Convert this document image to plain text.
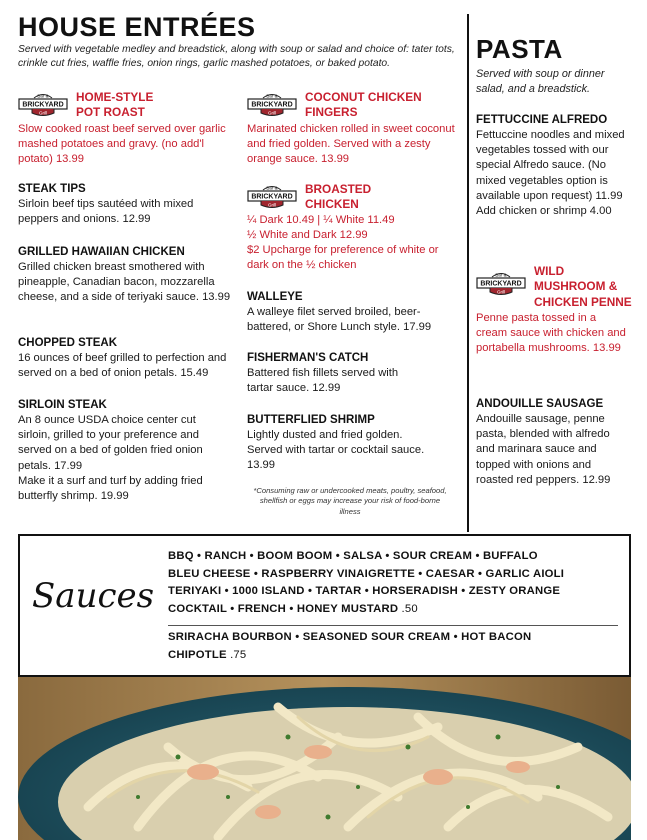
HOUSE ENTRÉES
Served with vegetable medley and breadstick, along with soup or salad and choice of: tater tots, crinkle cut fries, waffle fries, onion rings, garlic mashed potatoes, or baked potato.
Bar &
BRICKYARD
Grill
HOME-STYLE POT ROAST
Slow cooked roast beef served over garlic mashed potatoes and gravy. (no add'l potato) 13.99
STEAK TIPS
Sirloin beef tips sautéed with mixed peppers and onions. 12.99
GRILLED HAWAIIAN CHICKEN
Grilled chicken breast smothered with pineapple, Canadian bacon, mozzarella cheese, and a side of teriyaki sauce. 13.99
CHOPPED STEAK
16 ounces of beef grilled to perfection and served on a bed of onion petals. 15.49
SIRLOIN STEAK
An 8 ounce USDA choice center cut sirloin, grilled to your preference and served on a bed of golden fried onion petals. 17.99
Make it a surf and turf by adding fried butterfly shrimp. 19.99
Bar &
BRICKYARD
Grill
COCONUT CHICKEN FINGERS
Marinated chicken rolled in sweet coconut and fried golden. Served with a zesty orange sauce. 13.99
Bar &
BRICKYARD
Grill
BROASTED CHICKEN
¼ Dark 10.49 | ¼ White 11.49
½ White and Dark 12.99
$2 Upcharge for preference of white or dark on the ½ chicken
WALLEYE
A walleye filet served broiled, beer-battered, or Shore Lunch style. 17.99
FISHERMAN'S CATCH
Battered fish fillets served with tartar sauce. 12.99
BUTTERFLIED SHRIMP
Lightly dusted and fried golden. Served with tartar or cocktail sauce. 13.99
*Consuming raw or undercooked meats, poultry, seafood, shellfish or eggs may increase your risk of food-borne illness
PASTA
Served with soup or dinner salad, and a breadstick.
FETTUCCINE ALFREDO
Fettuccine noodles and mixed vegetables tossed with our special Alfredo sauce. (No mixed vegetables option is available upon request) 11.99
Add chicken or shrimp 4.00
Bar &
BRICKYARD
Grill
WILD MUSHROOM & CHICKEN PENNE
Penne pasta tossed in a cream sauce with chicken and portabella mushrooms. 13.99
ANDOUILLE SAUSAGE
Andouille sausage, penne pasta, blended with alfredo and marinara sauce and topped with onions and roasted red peppers. 12.99
Sauces
BBQ • RANCH • BOOM BOOM • SALSA • SOUR CREAM • BUFFALO
BLEU CHEESE • RASPBERRY VINAIGRETTE • CAESAR • GARLIC AIOLI
TERIYAKI • 1000 ISLAND • TARTAR • HORSERADISH • ZESTY ORANGE
COCKTAIL • FRENCH • HONEY MUSTARD .50
SRIRACHA BOURBON • SEASONED SOUR CREAM • HOT BACON
CHIPOTLE .75
